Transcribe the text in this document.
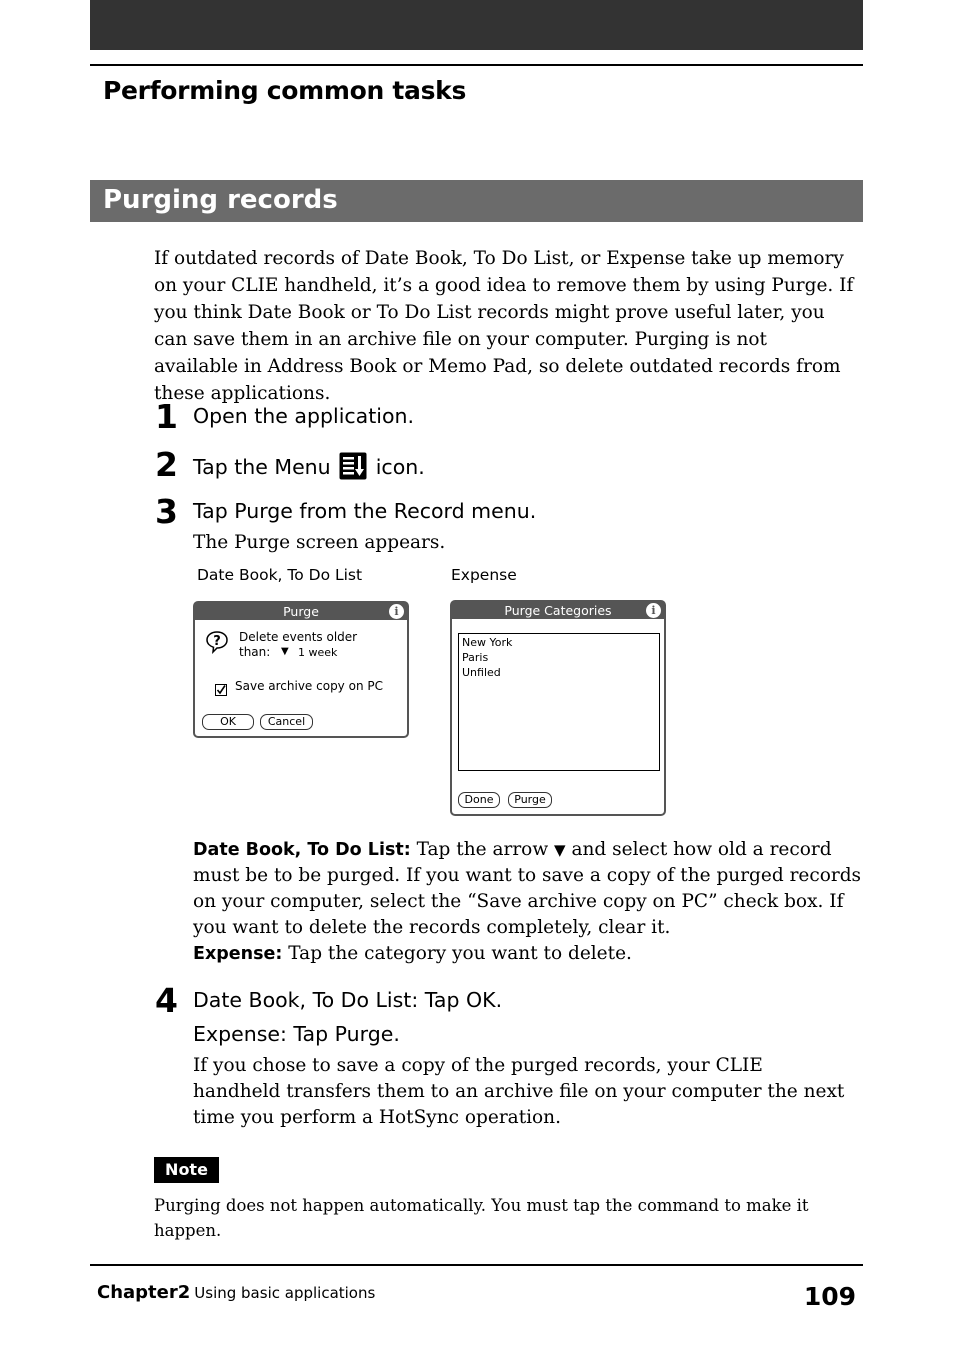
Performing common tasks
Purging records
If outdated records of Date Book, To Do List, or Expense take up memory on your CLIE handheld, it’s a good idea to remove them by using Purge. If you think Date Book or To Do List records might prove useful later, you can save them in an archive file on your computer. Purging is not available in Address Book or Memo Pad, so delete outdated records from these applications.
1 Open the application.
2 Tap the Menu icon.
3 Tap Purge from the Record menu.
The Purge screen appears.
Date Book, To Do List	Expense
Purge	i
? Delete events older
than: ▼ 1 week
Save archive copy on PC
OK	Cancel
Purge Categories	i
New York
Paris
Unfiled
Done	Purge
Date Book, To Do List: Tap the arrow ▼ and select how old a record must be to be purged. If you want to save a copy of the purged records on your computer, select the “Save archive copy on PC” check box. If you want to delete the records completely, clear it.
Expense: Tap the category you want to delete.
4 Date Book, To Do List: Tap OK.
Expense: Tap Purge.
If you chose to save a copy of the purged records, your CLIE handheld transfers them to an archive file on your computer the next time you perform a HotSync operation.
Note
Purging does not happen automatically. You must tap the command to make it happen.
Chapter2 Using basic applications	109
